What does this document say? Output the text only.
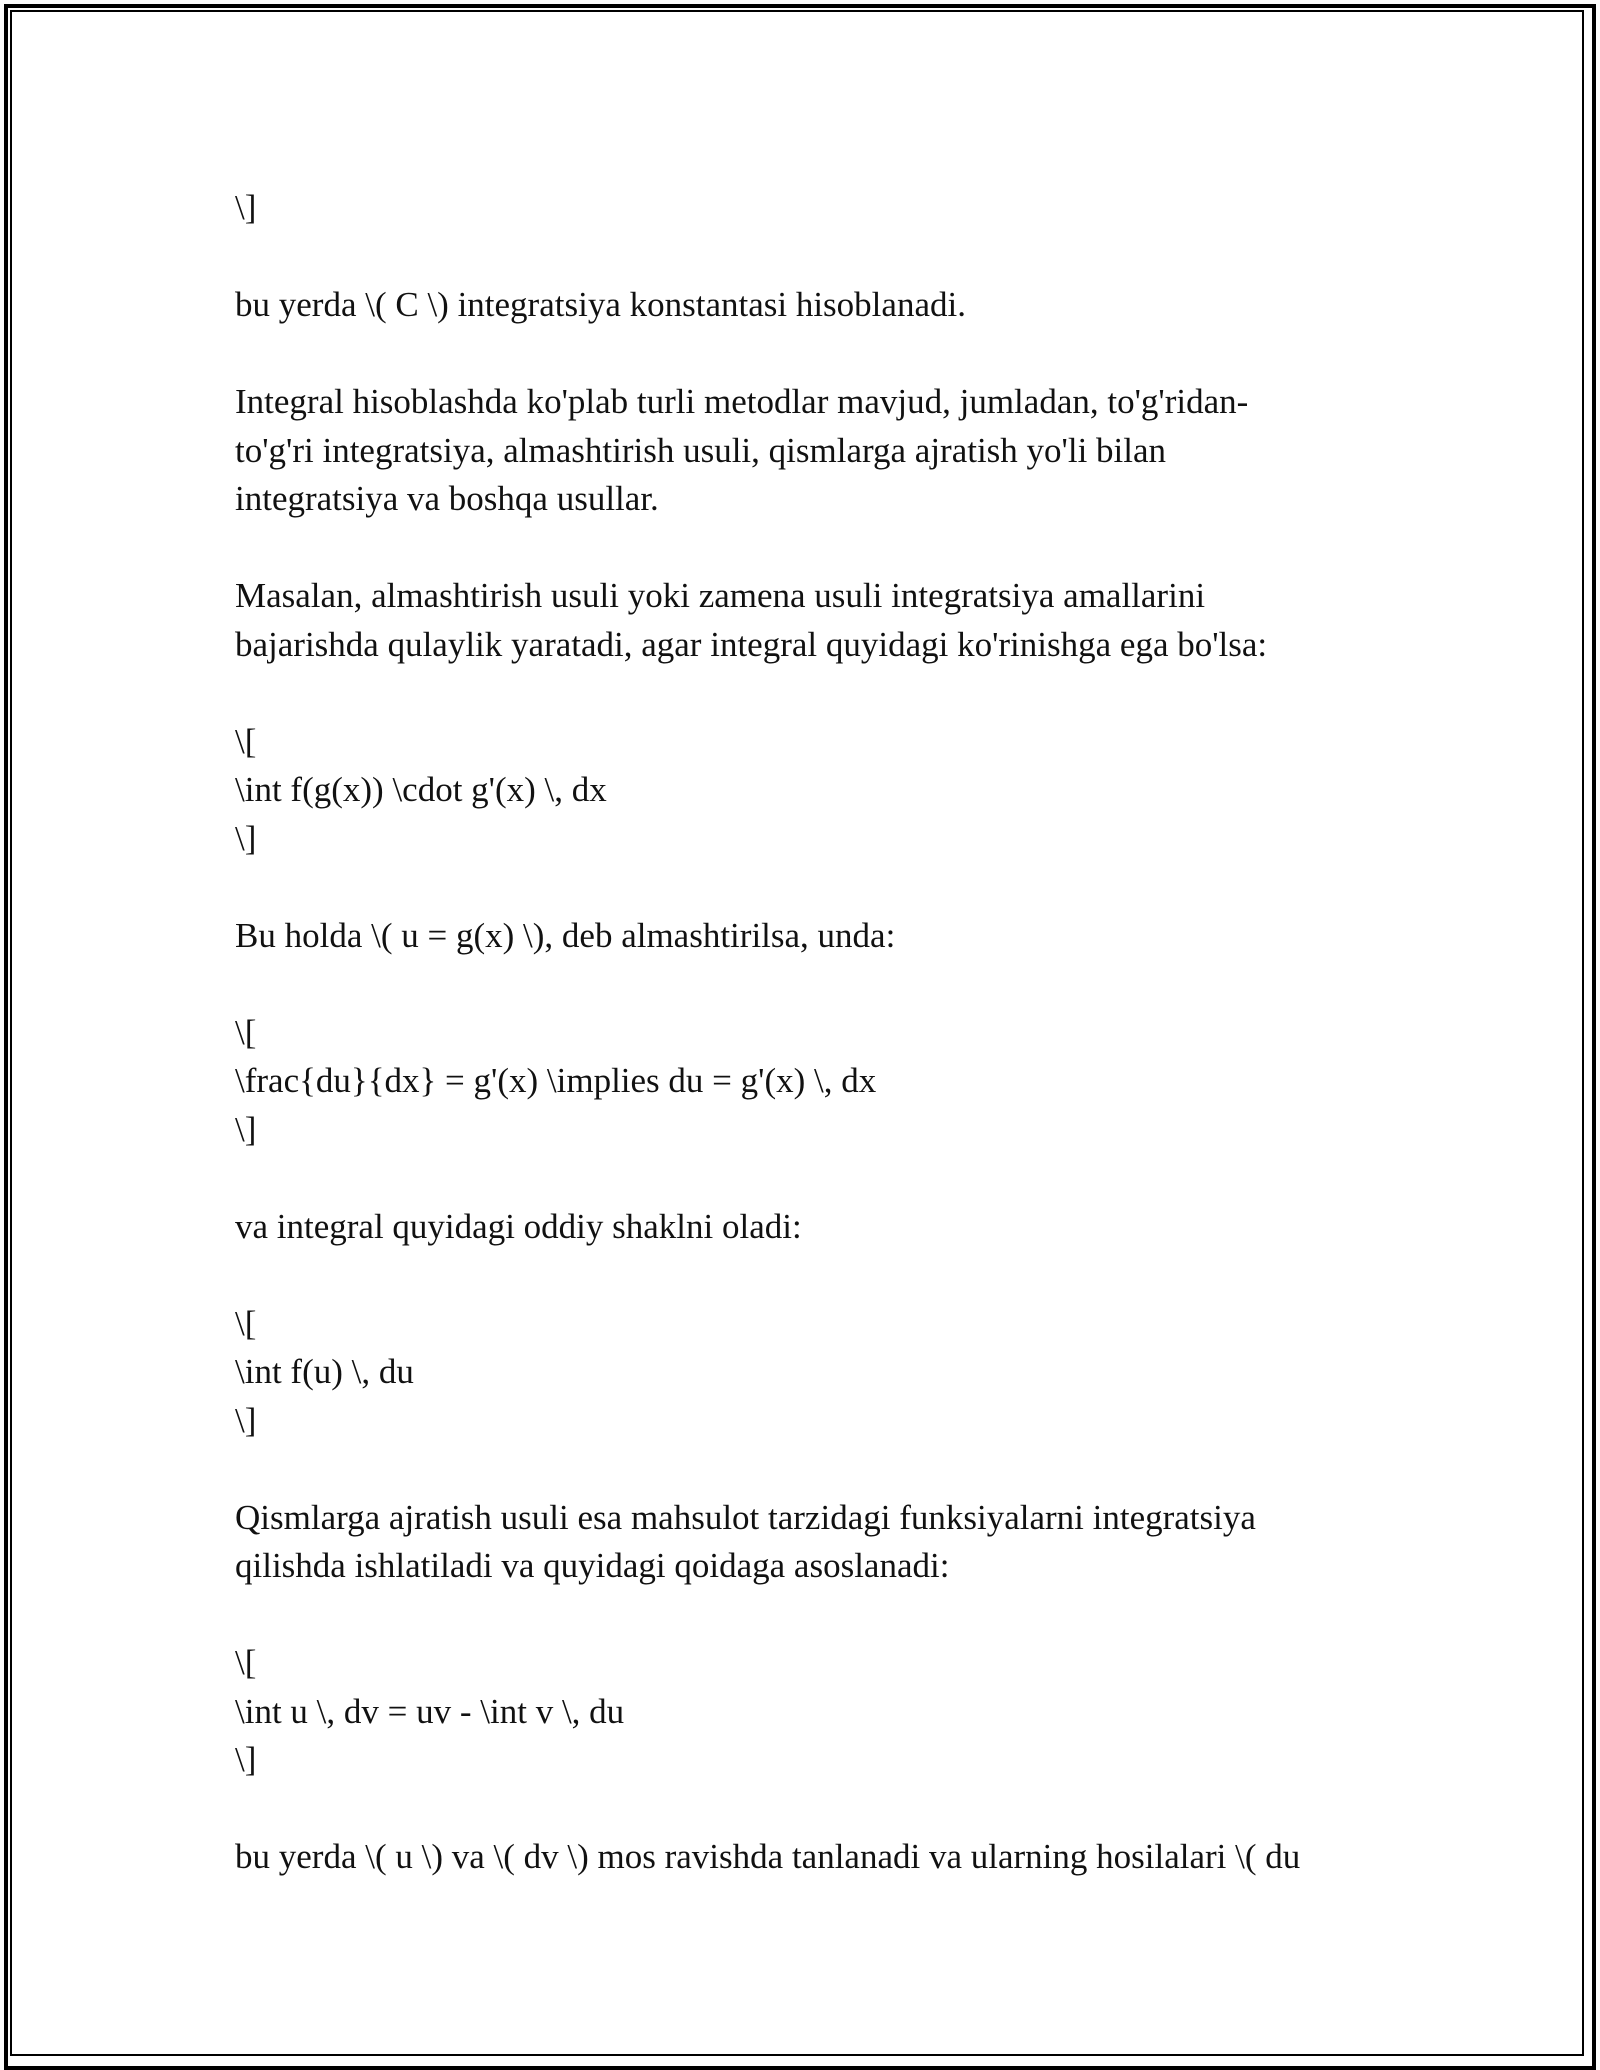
\]
bu yerda \( C \) integratsiya konstantasi hisoblanadi.
Integral hisoblashda ko'plab turli metodlar mavjud, jumladan, to'g'ridan-
to'g'ri integratsiya, almashtirish usuli, qismlarga ajratish yo'li bilan
integratsiya va boshqa usullar.
Masalan, almashtirish usuli yoki zamena usuli integratsiya amallarini
bajarishda qulaylik yaratadi, agar integral quyidagi ko'rinishga ega bo'lsa:
\[
\int f(g(x)) \cdot g'(x) \, dx
\]
Bu holda \( u = g(x) \), deb almashtirilsa, unda:
\[
\frac{du}{dx} = g'(x) \implies du = g'(x) \, dx
\]
va integral quyidagi oddiy shaklni oladi:
\[
\int f(u) \, du
\]
Qismlarga ajratish usuli esa mahsulot tarzidagi funksiyalarni integratsiya
qilishda ishlatiladi va quyidagi qoidaga asoslanadi:
\[
\int u \, dv = uv - \int v \, du
\]
bu yerda \( u \) va \( dv \) mos ravishda tanlanadi va ularning hosilalari \( du
